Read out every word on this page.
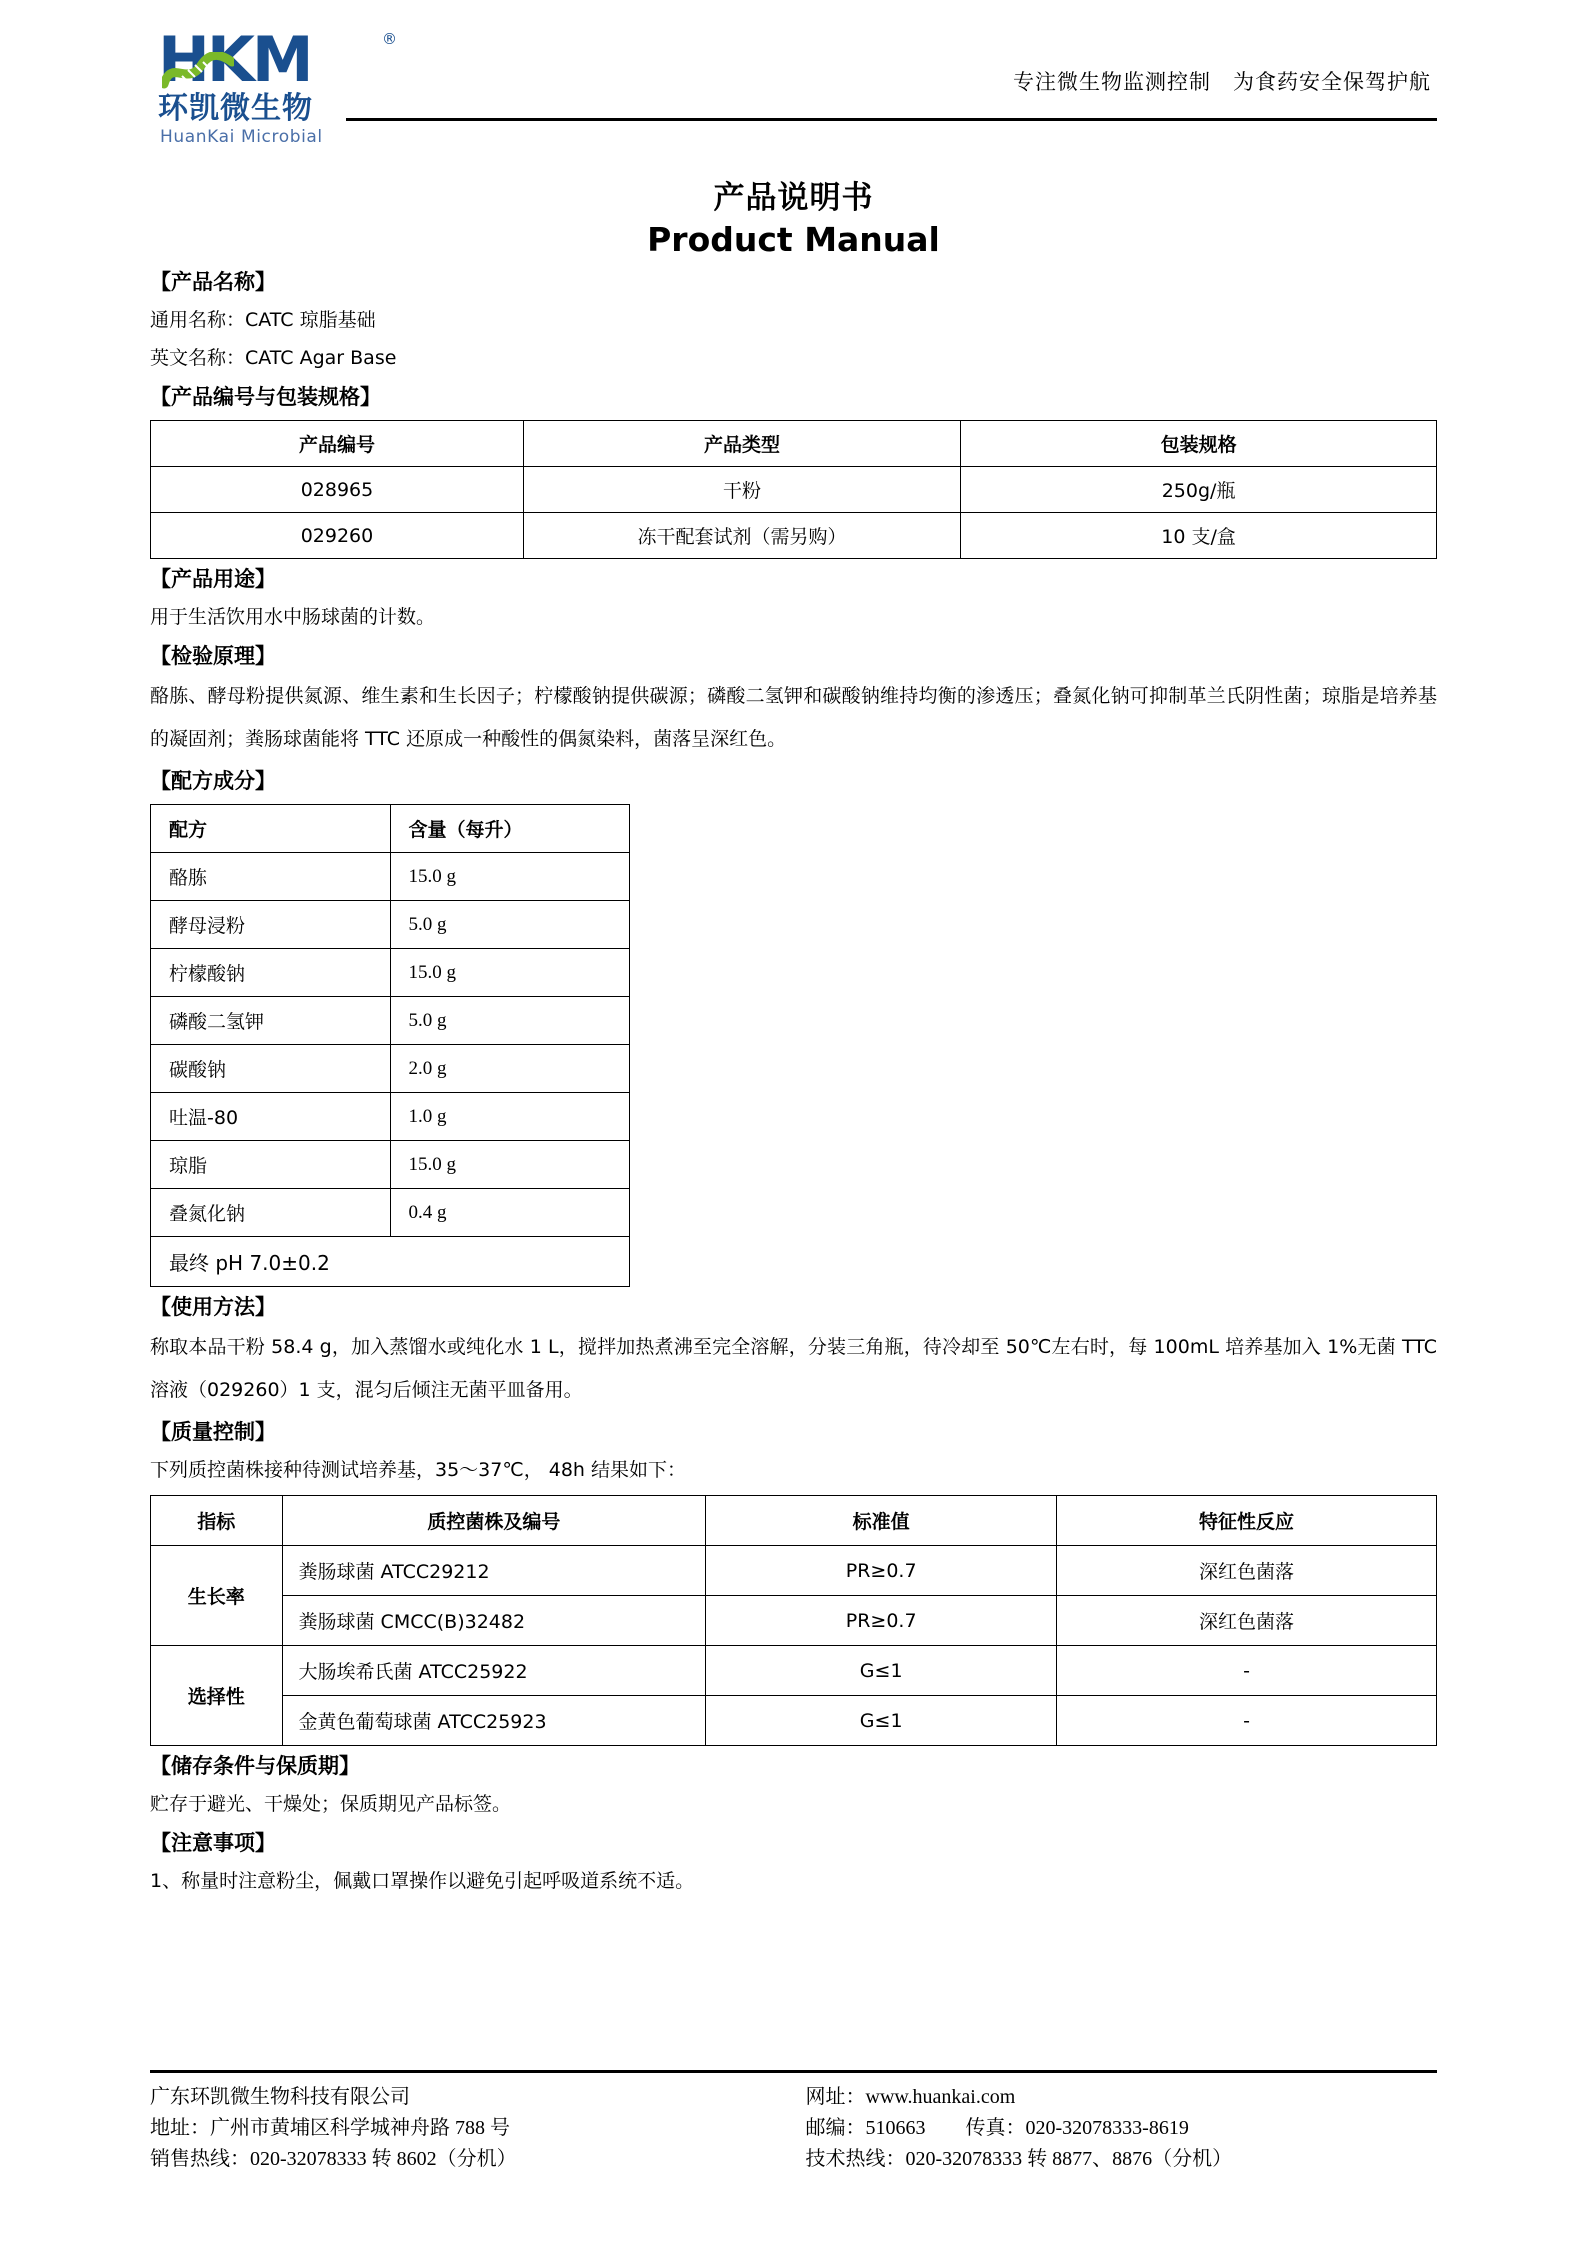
HKM	®
环凯微生物
HuanKai Microbial
专注微生物监测控制　为食药安全保驾护航
产品说明书
Product Manual
【产品名称】

通用名称：CATC 琼脂基础

英文名称：CATC Agar Base

【产品编号与包装规格】
产品编号	产品类型	包装规格
028965	干粉	250g/瓶
029260	冻干配套试剂（需另购）	10 支/盒
【产品用途】

用于生活饮用水中肠球菌的计数。

【检验原理】

酪胨、酵母粉提供氮源、维生素和生长因子；柠檬酸钠提供碳源；磷酸二氢钾和碳酸钠维持均衡的渗透压；叠氮化钠可抑制革兰氏阴性菌；琼脂是培养基的凝固剂；粪肠球菌能将 TTC 还原成一种酸性的偶氮染料，菌落呈深红色。

【配方成分】
配方	含量（每升）
酪胨	15.0 g
酵母浸粉	5.0 g
柠檬酸钠	15.0 g
磷酸二氢钾	5.0 g
碳酸钠	2.0 g
吐温-80	1.0 g
琼脂	15.0 g
叠氮化钠	0.4 g
最终 pH 7.0±0.2	
【使用方法】

称取本品干粉 58.4 g，加入蒸馏水或纯化水 1 L，搅拌加热煮沸至完全溶解，分装三角瓶，待冷却至 50℃左右时，每 100mL 培养基加入 1%无菌 TTC 溶液（029260）1 支，混匀后倾注无菌平皿备用。

【质量控制】

下列质控菌株接种待测试培养基，35～37℃， 48h 结果如下：

指标	质控菌株及编号	标准值	特征性反应
生长率	粪肠球菌 ATCC29212	PR≥0.7	深红色菌落
	粪肠球菌 CMCC(B)32482	PR≥0.7	深红色菌落
选择性	大肠埃希氏菌 ATCC25922	G≤1	-
	金黄色葡萄球菌 ATCC25923	G≤1	-
【储存条件与保质期】

贮存于避光、干燥处；保质期见产品标签。

【注意事项】

1、称量时注意粉尘，佩戴口罩操作以避免引起呼吸道系统不适。

广东环凯微生物科技有限公司
地址：广州市黄埔区科学城神舟路 788 号
销售热线：020-32078333 转 8602（分机）
网址：www.huankai.com
邮编：510663　　传真：020-32078333-8619
技术热线：020-32078333 转 8877、8876（分机）
